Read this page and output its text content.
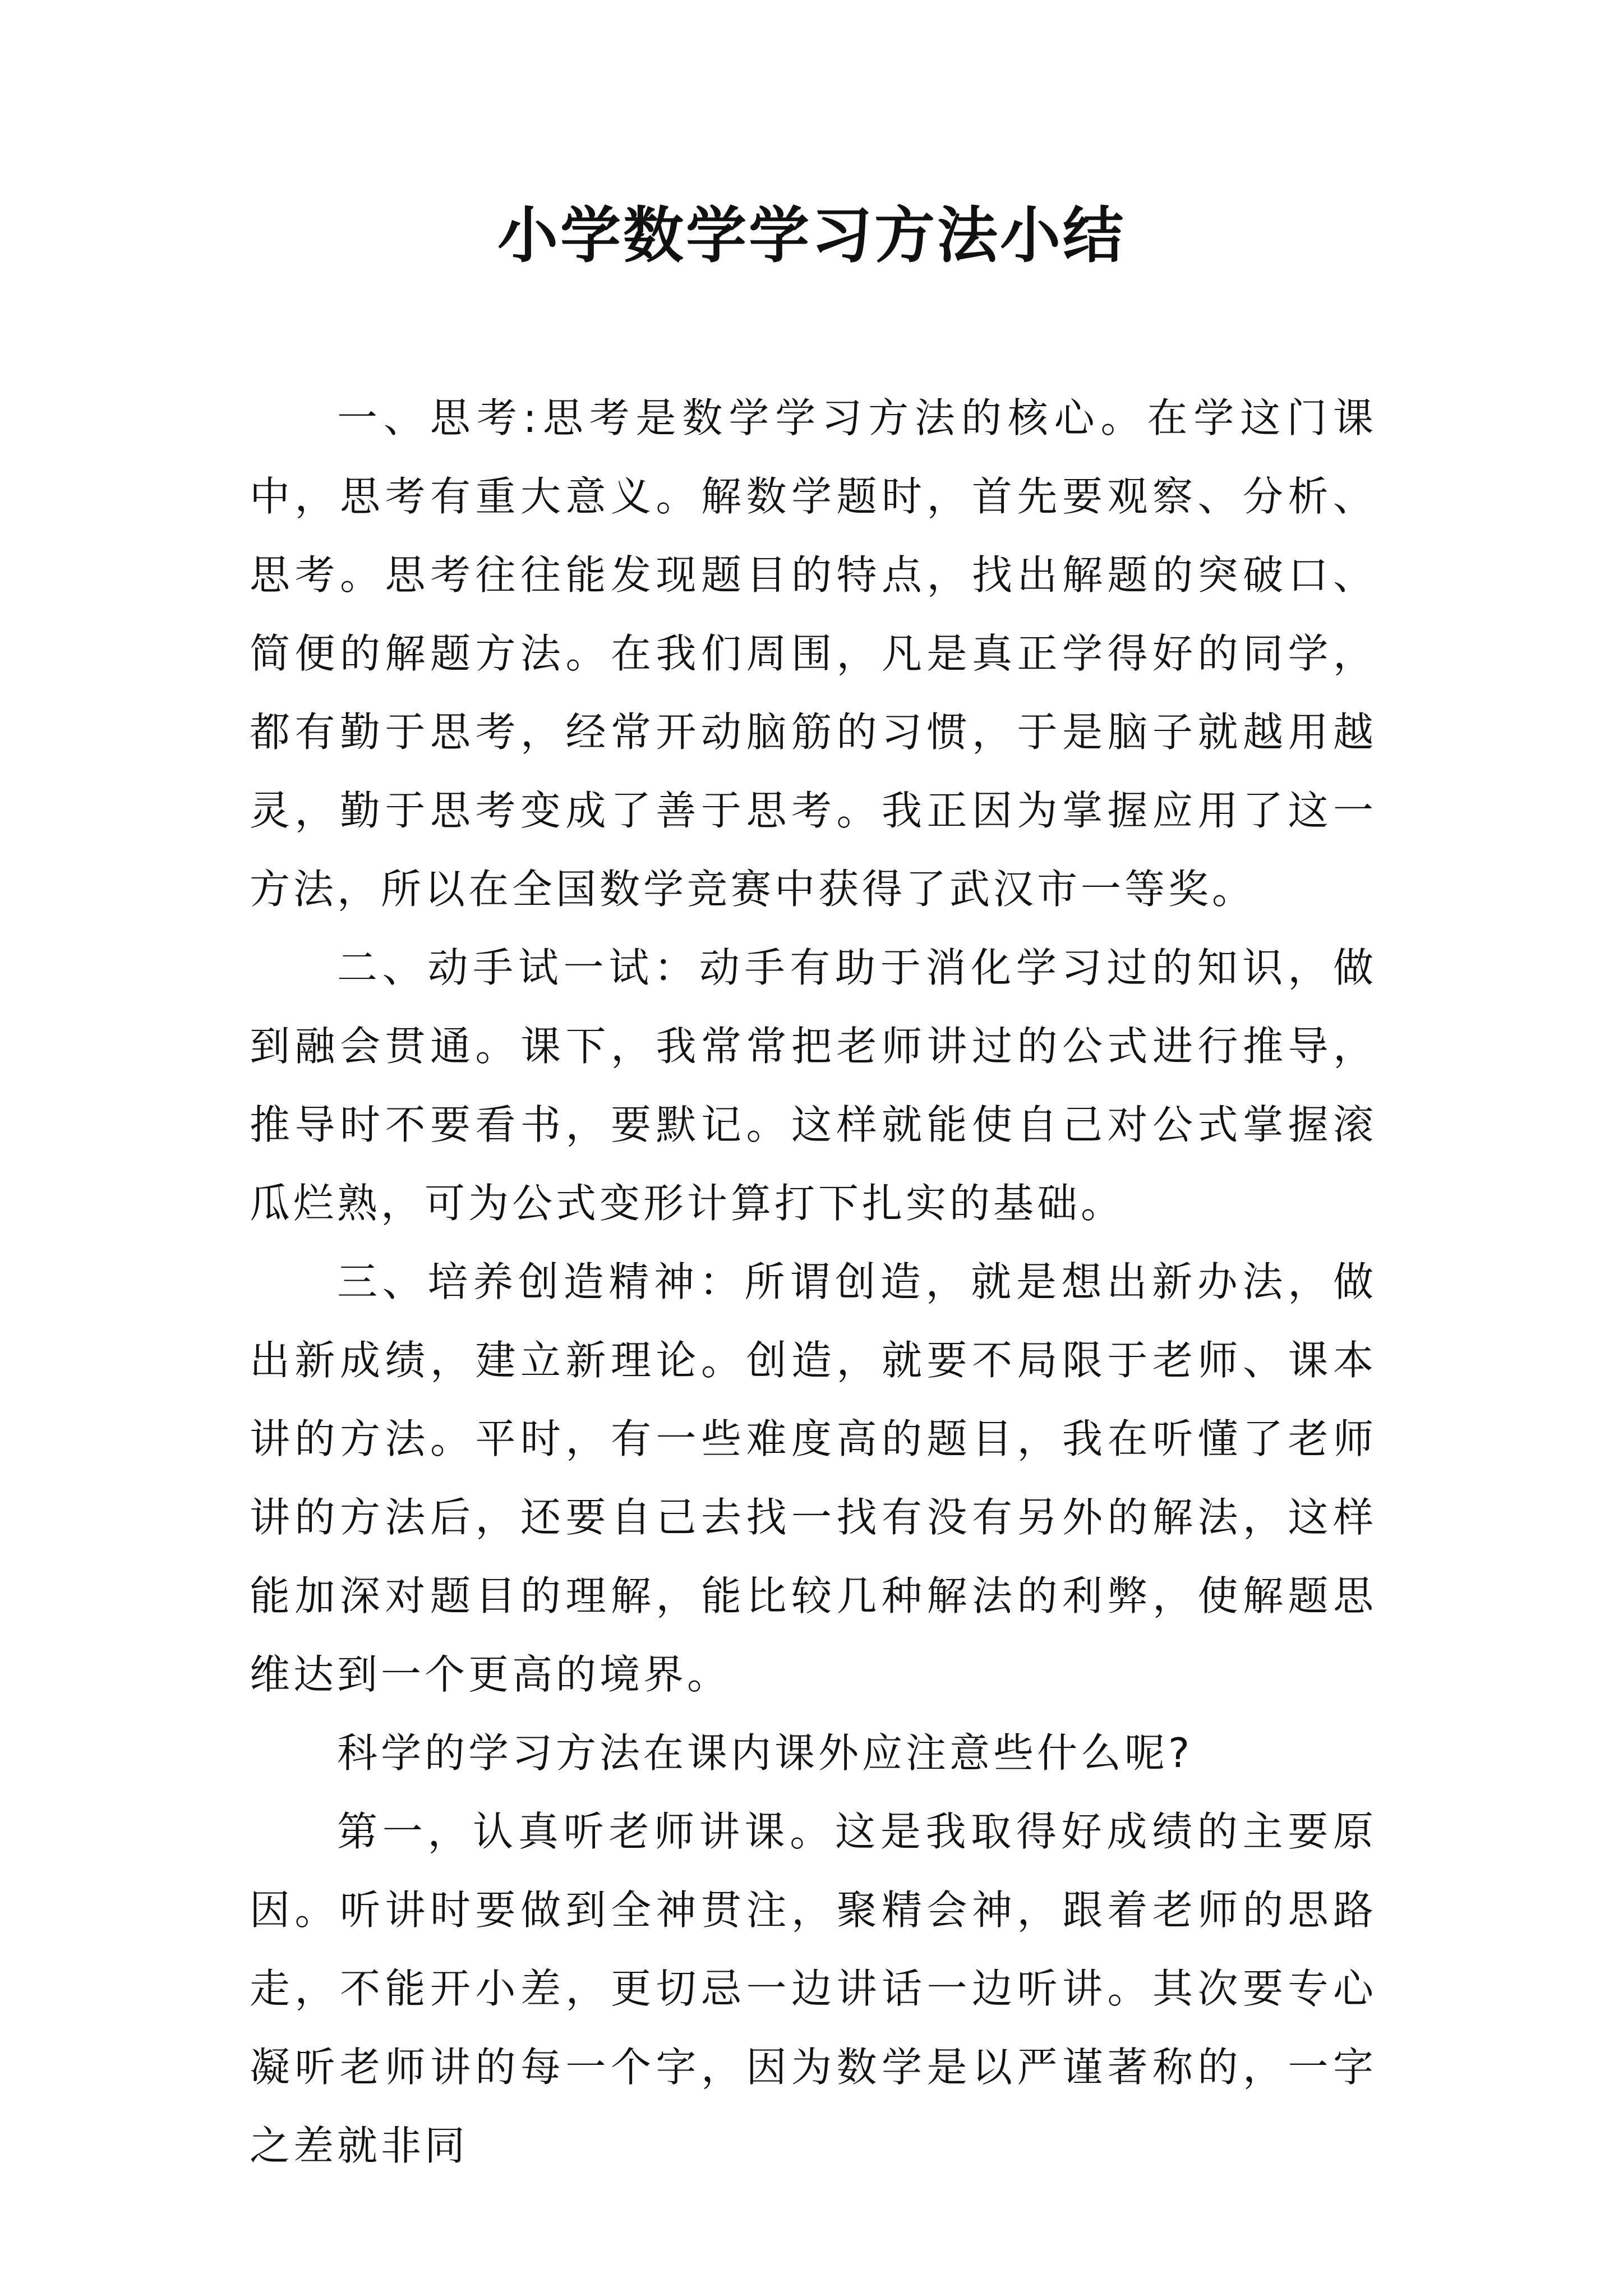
小学数学学习方法小结

一、思考:思考是数学学习方法的核心。在学这门课中，思考有重大意义。解数学题时，首先要观察、分析、思考。思考往往能发现题目的特点，找出解题的突破口、简便的解题方法。在我们周围，凡是真正学得好的同学，都有勤于思考，经常开动脑筋的习惯，于是脑子就越用越灵，勤于思考变成了善于思考。我正因为掌握应用了这一方法，所以在全国数学竞赛中获得了武汉市一等奖。

二、动手试一试：动手有助于消化学习过的知识，做到融会贯通。课下，我常常把老师讲过的公式进行推导，推导时不要看书，要默记。这样就能使自己对公式掌握滚瓜烂熟，可为公式变形计算打下扎实的基础。

三、培养创造精神：所谓创造，就是想出新办法，做出新成绩，建立新理论。创造，就要不局限于老师、课本讲的方法。平时，有一些难度高的题目，我在听懂了老师讲的方法后，还要自己去找一找有没有另外的解法，这样能加深对题目的理解，能比较几种解法的利弊，使解题思维达到一个更高的境界。

科学的学习方法在课内课外应注意些什么呢?

第一，认真听老师讲课。这是我取得好成绩的主要原因。听讲时要做到全神贯注，聚精会神，跟着老师的思路走，不能开小差，更切忌一边讲话一边听讲。其次要专心凝听老师讲的每一个字，因为数学是以严谨著称的，一字之差就非同
